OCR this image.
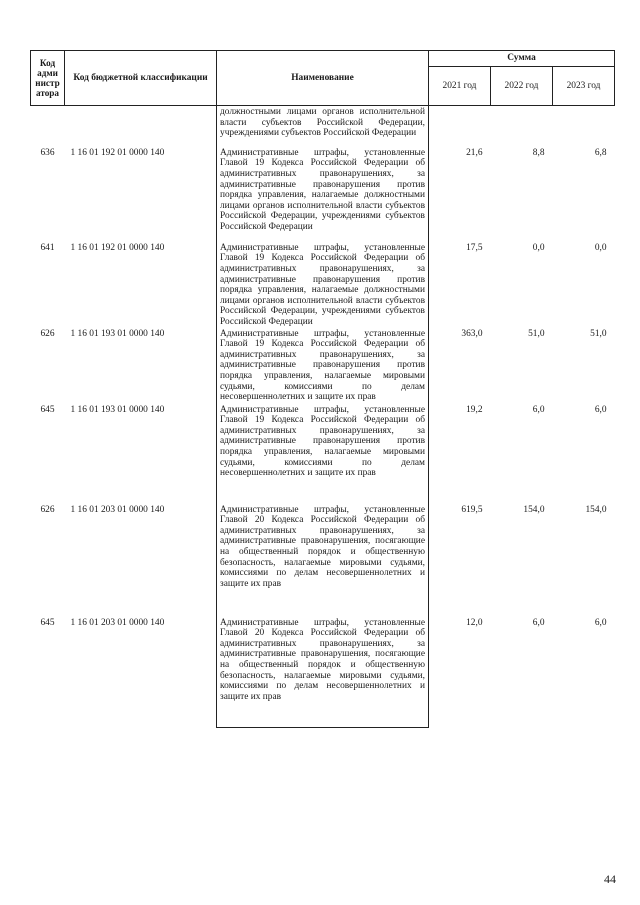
Код адми нистр атора	Код бюджетной классификации	Наименование	Сумма		
			2021 год	2022 год	2023 год
		должностными лицами органов исполнительной власти субъектов Российской Федерации, учреждениями субъектов Российской Федерации			
636	1 16 01 192 01 0000 140	Административные штрафы, установленные Главой 19 Кодекса Российской Федерации об административных правонарушениях, за административные правонарушения против порядка управления, налагаемые должностными лицами органов исполнительной власти субъектов Российской Федерации, учреждениями субъектов Российской Федерации	21,6	8,8	6,8
641	1 16 01 192 01 0000 140	Административные штрафы, установленные Главой 19 Кодекса Российской Федерации об административных правонарушениях, за административные правонарушения против порядка управления, налагаемые должностными лицами органов исполнительной власти субъектов Российской Федерации, учреждениями субъектов Российской Федерации	17,5	0,0	0,0
626	1 16 01 193 01 0000 140	Административные штрафы, установленные Главой 19 Кодекса Российской Федерации об административных правонарушениях, за административные правонарушения против порядка управления, налагаемые мировыми судьями, комиссиями по делам несовершеннолетних и защите их прав	363,0	51,0	51,0
645	1 16 01 193 01 0000 140	Административные штрафы, установленные Главой 19 Кодекса Российской Федерации об административных правонарушениях, за административные правонарушения против порядка управления, налагаемые мировыми судьями, комиссиями по делам несовершеннолетних и защите их прав	19,2	6,0	6,0
626	1 16 01 203 01 0000 140	Административные штрафы, установленные Главой 20 Кодекса Российской Федерации об административных правонарушениях, за административные правонарушения, посягающие на общественный порядок и общественную безопасность, налагаемые мировыми судьями, комиссиями по делам несовершеннолетних и защите их прав	619,5	154,0	154,0
645	1 16 01 203 01 0000 140	Административные штрафы, установленные Главой 20 Кодекса Российской Федерации об административных правонарушениях, за административные правонарушения, посягающие на общественный порядок и общественную безопасность, налагаемые мировыми судьями, комиссиями по делам несовершеннолетних и защите их прав	12,0	6,0	6,0
44
